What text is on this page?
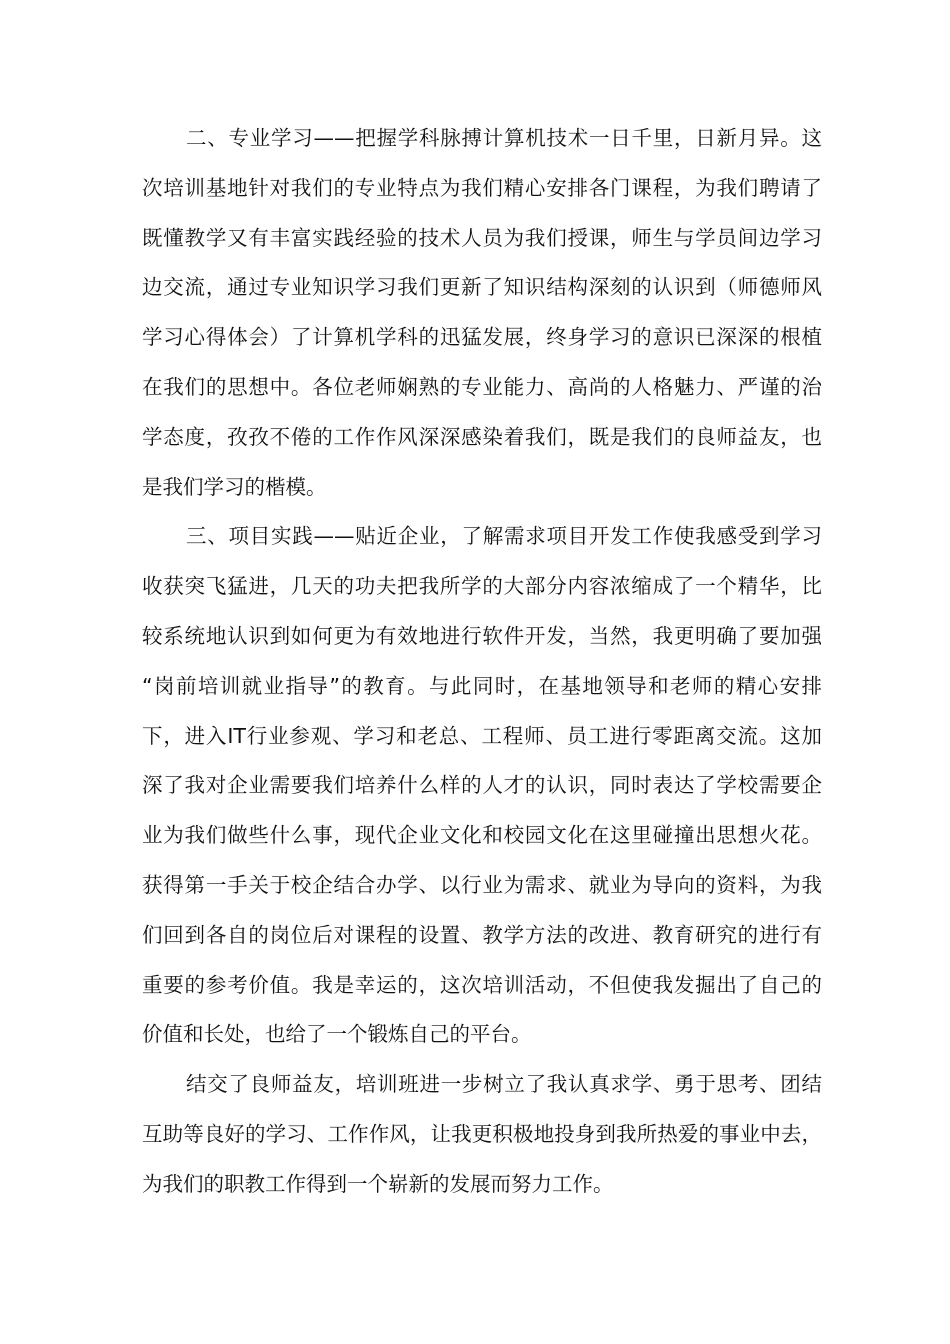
二、专业学习——把握学科脉搏计算机技术一日千里，日新月异。这
次培训基地针对我们的专业特点为我们精心安排各门课程，为我们聘请了
既懂教学又有丰富实践经验的技术人员为我们授课，师生与学员间边学习
边交流，通过专业知识学习我们更新了知识结构深刻的认识到（师德师风
学习心得体会）了计算机学科的迅猛发展，终身学习的意识已深深的根植
在我们的思想中。各位老师娴熟的专业能力、高尚的人格魅力、严谨的治
学态度，孜孜不倦的工作作风深深感染着我们，既是我们的良师益友，也
是我们学习的楷模。
三、项目实践——贴近企业，了解需求项目开发工作使我感受到学习
收获突飞猛进，几天的功夫把我所学的大部分内容浓缩成了一个精华，比
较系统地认识到如何更为有效地进行软件开发，当然，我更明确了要加强
“岗前培训就业指导”的教育。与此同时，在基地领导和老师的精心安排
下，进入IT行业参观、学习和老总、工程师、员工进行零距离交流。这加
深了我对企业需要我们培养什么样的人才的认识，同时表达了学校需要企
业为我们做些什么事，现代企业文化和校园文化在这里碰撞出思想火花。
获得第一手关于校企结合办学、以行业为需求、就业为导向的资料，为我
们回到各自的岗位后对课程的设置、教学方法的改进、教育研究的进行有
重要的参考价值。我是幸运的，这次培训活动，不但使我发掘出了自己的
价值和长处，也给了一个锻炼自己的平台。
结交了良师益友，培训班进一步树立了我认真求学、勇于思考、团结
互助等良好的学习、工作作风，让我更积极地投身到我所热爱的事业中去，
为我们的职教工作得到一个崭新的发展而努力工作。
